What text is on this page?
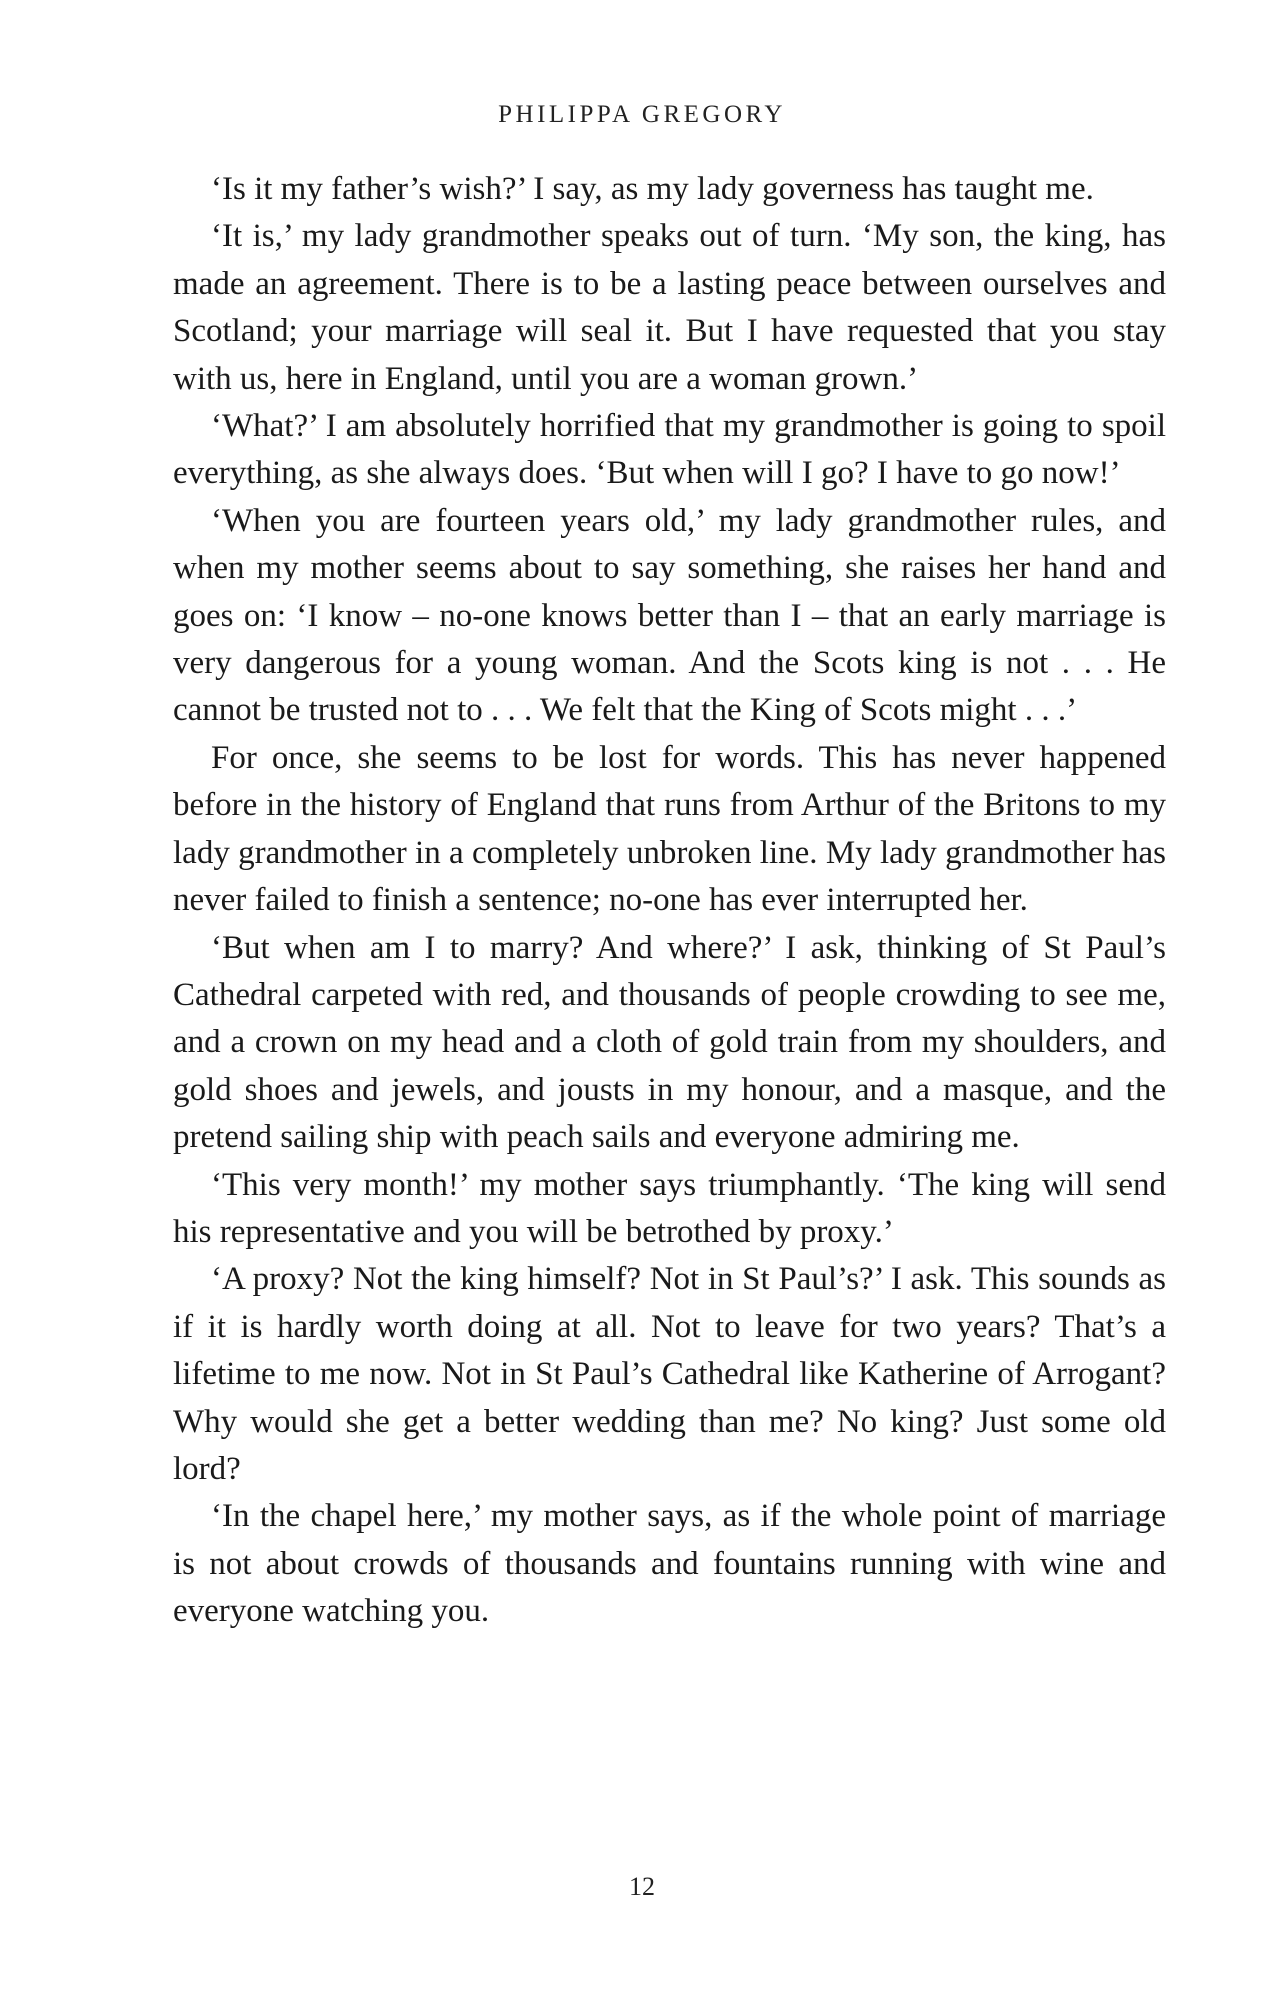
PHILIPPA GREGORY

‘Is it my father’s wish?’ I say, as my lady governess has taught me.

‘It is,’ my lady grandmother speaks out of turn. ‘My son, the king, has made an agreement. There is to be a lasting peace between ourselves and Scotland; your marriage will seal it. But I have requested that you stay with us, here in England, until you are a woman grown.’

‘What?’ I am absolutely horrified that my grandmother is going to spoil everything, as she always does. ‘But when will I go? I have to go now!’

‘When you are fourteen years old,’ my lady grandmother rules, and when my mother seems about to say something, she raises her hand and goes on: ‘I know – no-one knows better than I – that an early marriage is very dangerous for a young woman. And the Scots king is not . . . He cannot be trusted not to . . . We felt that the King of Scots might . . .’

For once, she seems to be lost for words. This has never happened before in the history of England that runs from Arthur of the Britons to my lady grandmother in a completely unbroken line. My lady grandmother has never failed to finish a sentence; no-one has ever interrupted her.

‘But when am I to marry? And where?’ I ask, thinking of St Paul’s Cathedral carpeted with red, and thousands of people crowding to see me, and a crown on my head and a cloth of gold train from my shoulders, and gold shoes and jewels, and jousts in my honour, and a masque, and the pretend sailing ship with peach sails and everyone admiring me.

‘This very month!’ my mother says triumphantly. ‘The king will send his representative and you will be betrothed by proxy.’

‘A proxy? Not the king himself? Not in St Paul’s?’ I ask. This sounds as if it is hardly worth doing at all. Not to leave for two years? That’s a lifetime to me now. Not in St Paul’s Cathedral like Katherine of Arrogant? Why would she get a better wedding than me? No king? Just some old lord?

‘In the chapel here,’ my mother says, as if the whole point of marriage is not about crowds of thousands and fountains running with wine and everyone watching you.

12
